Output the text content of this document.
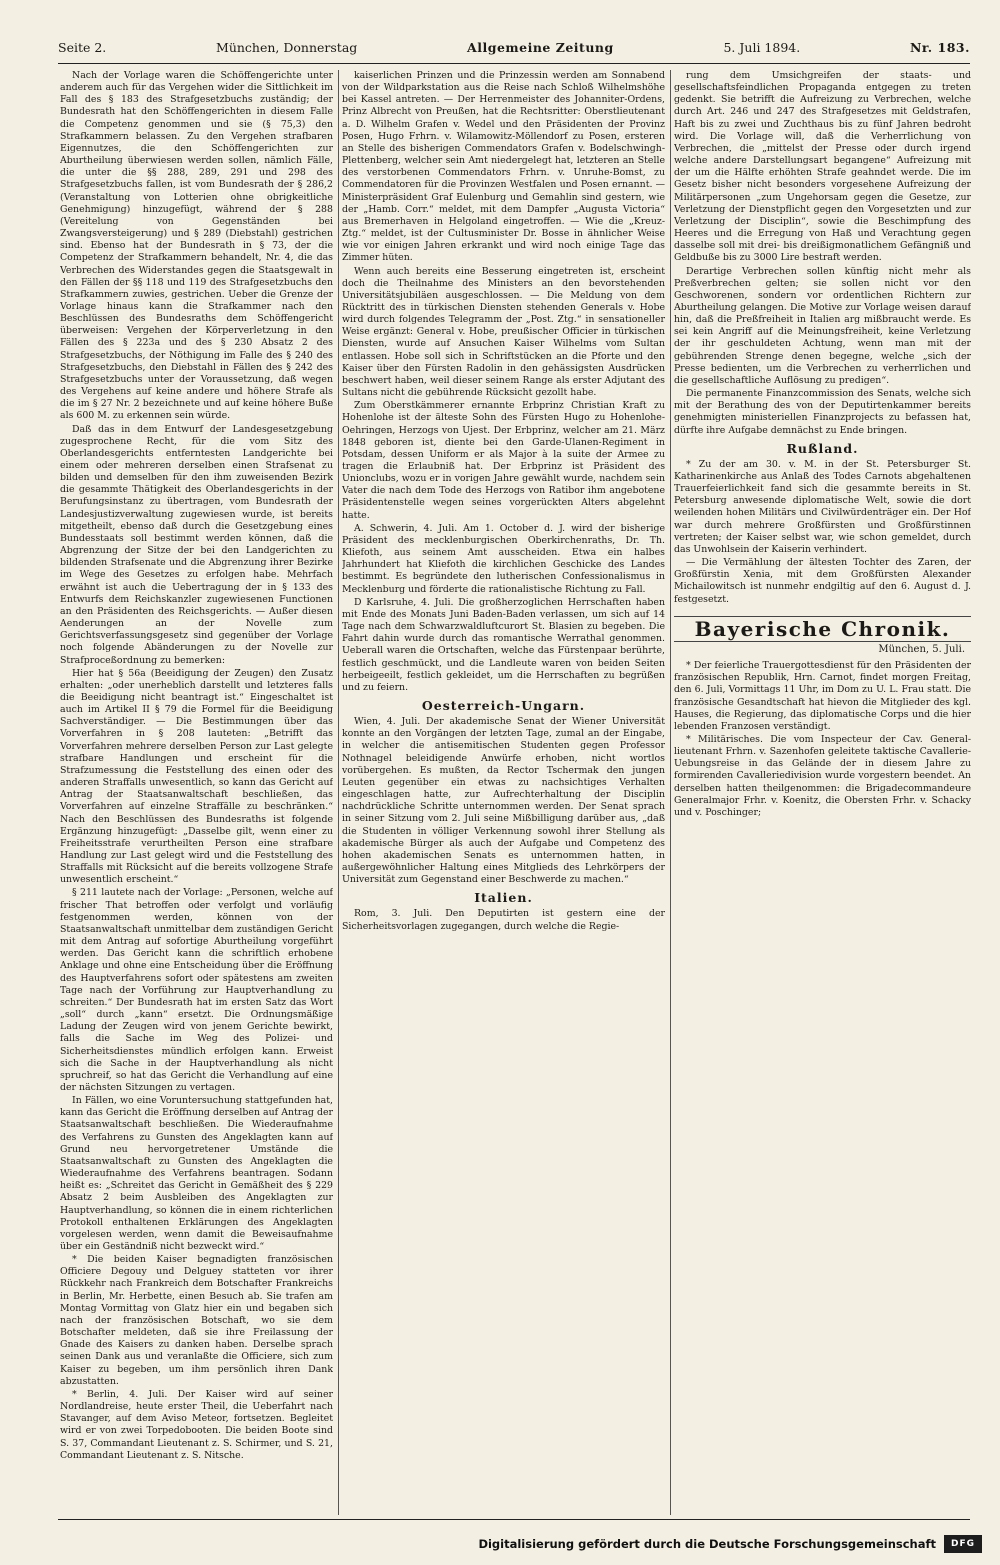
Seite 2.	München, Donnerstag	Allgemeine Zeitung	5. Juli 1894.	Nr. 183.

Nach der Vorlage waren die Schöffengerichte unter anderem auch für das Vergehen wider die Sittlichkeit im Fall des § 183 des Strafgesetzbuchs zuständig; der Bundesrath hat den Schöffengerichten in diesem Falle die Competenz genommen und sie (§ 75,3) den Strafkammern belassen. Zu den Vergehen strafbaren Eigennutzes, die den Schöffengerichten zur Aburtheilung überwiesen werden sollen, nämlich Fälle, die unter die §§ 288, 289, 291 und 298 des Strafgesetzbuchs fallen, ist vom Bundesrath der § 286,2 (Veranstaltung von Lotterien ohne obrigkeitliche Genehmigung) hinzugefügt, während der § 288 (Vereitelung von Gegenständen bei Zwangsversteigerung) und § 289 (Diebstahl) gestrichen sind. Ebenso hat der Bundesrath in § 73, der die Competenz der Strafkammern behandelt, Nr. 4, die das Verbrechen des Widerstandes gegen die Staatsgewalt in den Fällen der §§ 118 und 119 des Strafgesetzbuchs den Strafkammern zuwies, gestrichen. Ueber die Grenze der Vorlage hinaus kann die Strafkammer nach den Beschlüssen des Bundesraths dem Schöffengericht überweisen: Vergehen der Körperverletzung in den Fällen des § 223a und des § 230 Absatz 2 des Strafgesetzbuchs, der Nöthigung im Falle des § 240 des Strafgesetzbuchs, den Diebstahl in Fällen des § 242 des Strafgesetzbuchs unter der Voraussetzung, daß wegen des Vergehens auf keine andere und höhere Strafe als die im § 27 Nr. 2 bezeichnete und auf keine höhere Buße als 600 M. zu erkennen sein würde.

Daß das in dem Entwurf der Landesgesetzgebung zugesprochene Recht, für die vom Sitz des Oberlandesgerichts entferntesten Landgerichte bei einem oder mehreren derselben einen Strafsenat zu bilden und demselben für den ihm zuweisenden Bezirk die gesammte Thätigkeit des Oberlandesgerichts in der Berufungsinstanz zu übertragen, vom Bundesrath der Landesjustizverwaltung zugewiesen wurde, ist bereits mitgetheilt, ebenso daß durch die Gesetzgebung eines Bundesstaats soll bestimmt werden können, daß die Abgrenzung der Sitze der bei den Landgerichten zu bildenden Strafsenate und die Abgrenzung ihrer Bezirke im Wege des Gesetzes zu erfolgen habe. Mehrfach erwähnt ist auch die Uebertragung der in § 133 des Entwurfs dem Reichskanzler zugewiesenen Functionen an den Präsidenten des Reichsgerichts. — Außer diesen Aenderungen an der Novelle zum Gerichtsverfassungsgesetz sind gegenüber der Vorlage noch folgende Abänderungen zu der Novelle zur Strafproceßordnung zu bemerken:

Hier hat § 56a (Beeidigung der Zeugen) den Zusatz erhalten: „oder unerheblich darstellt und letzteres falls die Beeidigung nicht beantragt ist.“ Eingeschaltet ist auch im Artikel II § 79 die Formel für die Beeidigung Sachverständiger. — Die Bestimmungen über das Vorverfahren in § 208 lauteten: „Betrifft das Vorverfahren mehrere derselben Person zur Last gelegte strafbare Handlungen und erscheint für die Strafzumessung die Feststellung des einen oder des anderen Straffalls unwesentlich, so kann das Gericht auf Antrag der Staatsanwaltschaft beschließen, das Vorverfahren auf einzelne Straffälle zu beschränken.“ Nach den Beschlüssen des Bundesraths ist folgende Ergänzung hinzugefügt: „Dasselbe gilt, wenn einer zu Freiheitsstrafe verurtheilten Person eine strafbare Handlung zur Last gelegt wird und die Feststellung des Straffalls mit Rücksicht auf die bereits vollzogene Strafe unwesentlich erscheint.“

§ 211 lautete nach der Vorlage: „Personen, welche auf frischer That betroffen oder verfolgt und vorläufig festgenommen werden, können von der Staatsanwaltschaft unmittelbar dem zuständigen Gericht mit dem Antrag auf sofortige Aburtheilung vorgeführt werden. Das Gericht kann die schriftlich erhobene Anklage und ohne eine Entscheidung über die Eröffnung des Hauptverfahrens sofort oder spätestens am zweiten Tage nach der Vorführung zur Hauptverhandlung zu schreiten.“ Der Bundesrath hat im ersten Satz das Wort „soll“ durch „kann“ ersetzt. Die Ordnungsmäßige Ladung der Zeugen wird von jenem Gerichte bewirkt, falls die Sache im Weg des Polizei- und Sicherheitsdienstes mündlich erfolgen kann. Erweist sich die Sache in der Hauptverhandlung als nicht spruchreif, so hat das Gericht die Verhandlung auf eine der nächsten Sitzungen zu vertagen.

In Fällen, wo eine Voruntersuchung stattgefunden hat, kann das Gericht die Eröffnung derselben auf Antrag der Staatsanwaltschaft beschließen. Die Wiederaufnahme des Verfahrens zu Gunsten des Angeklagten kann auf Grund neu hervorgetretener Umstände die Staatsanwaltschaft zu Gunsten des Angeklagten die Wiederaufnahme des Verfahrens beantragen. Sodann heißt es: „Schreitet das Gericht in Gemäßheit des § 229 Absatz 2 beim Ausbleiben des Angeklagten zur Hauptverhandlung, so können die in einem richterlichen Protokoll enthaltenen Erklärungen des Angeklagten vorgelesen werden, wenn damit die Beweisaufnahme über ein Geständniß nicht bezweckt wird.“

* Die beiden Kaiser begnadigten französischen Officiere Degouy und Delguey statteten vor ihrer Rückkehr nach Frankreich dem Botschafter Frankreichs in Berlin, Mr. Herbette, einen Besuch ab. Sie trafen am Montag Vormittag von Glatz hier ein und begaben sich nach der französischen Botschaft, wo sie dem Botschafter meldeten, daß sie ihre Freilassung der Gnade des Kaisers zu danken haben. Derselbe sprach seinen Dank aus und veranlaßte die Officiere, sich zum Kaiser zu begeben, um ihm persönlich ihren Dank abzustatten.

* Berlin, 4. Juli. Der Kaiser wird auf seiner Nordlandreise, heute erster Theil, die Ueberfahrt nach Stavanger, auf dem Aviso Meteor, fortsetzen. Begleitet wird er von zwei Torpedobooten. Die beiden Boote sind S. 37, Commandant Lieutenant z. S. Schirmer, und S. 21, Commandant Lieutenant z. S. Nitsche.

kaiserlichen Prinzen und die Prinzessin werden am Sonnabend von der Wildparkstation aus die Reise nach Schloß Wilhelmshöhe bei Kassel antreten. — Der Herrenmeister des Johanniter-Ordens, Prinz Albrecht von Preußen, hat die Rechtsritter: Oberstlieutenant a. D. Wilhelm Grafen v. Wedel und den Präsidenten der Provinz Posen, Hugo Frhrn. v. Wilamowitz-Möllendorf zu Posen, ersteren an Stelle des bisherigen Commendators Grafen v. Bodelschwingh-Plettenberg, welcher sein Amt niedergelegt hat, letzteren an Stelle des verstorbenen Commendators Frhrn. v. Unruhe-Bomst, zu Commendatoren für die Provinzen Westfalen und Posen ernannt. — Ministerpräsident Graf Eulenburg und Gemahlin sind gestern, wie der „Hamb. Corr.“ meldet, mit dem Dampfer „Augusta Victoria“ aus Bremerhaven in Helgoland eingetroffen. — Wie die „Kreuz-Ztg.“ meldet, ist der Cultusminister Dr. Bosse in ähnlicher Weise wie vor einigen Jahren erkrankt und wird noch einige Tage das Zimmer hüten.

Wenn auch bereits eine Besserung eingetreten ist, erscheint doch die Theilnahme des Ministers an den bevorstehenden Universitätsjubiläen ausgeschlossen. — Die Meldung von dem Rücktritt des in türkischen Diensten stehenden Generals v. Hobe wird durch folgendes Telegramm der „Post. Ztg.“ in sensationeller Weise ergänzt: General v. Hobe, preußischer Officier in türkischen Diensten, wurde auf Ansuchen Kaiser Wilhelms vom Sultan entlassen. Hobe soll sich in Schriftstücken an die Pforte und den Kaiser über den Fürsten Radolin in den gehässigsten Ausdrücken beschwert haben, weil dieser seinem Range als erster Adjutant des Sultans nicht die gebührende Rücksicht gezollt habe.

Zum Oberstkämmerer ernannte Erbprinz Christian Kraft zu Hohenlohe ist der älteste Sohn des Fürsten Hugo zu Hohenlohe-Oehringen, Herzogs von Ujest. Der Erbprinz, welcher am 21. März 1848 geboren ist, diente bei den Garde-Ulanen-Regiment in Potsdam, dessen Uniform er als Major à la suite der Armee zu tragen die Erlaubniß hat. Der Erbprinz ist Präsident des Unionclubs, wozu er in vorigen Jahre gewählt wurde, nachdem sein Vater die nach dem Tode des Herzogs von Ratibor ihm angebotene Präsidentenstelle wegen seines vorgerückten Alters abgelehnt hatte.

A. Schwerin, 4. Juli. Am 1. October d. J. wird der bisherige Präsident des mecklenburgischen Oberkirchenraths, Dr. Th. Kliefoth, aus seinem Amt ausscheiden. Etwa ein halbes Jahrhundert hat Kliefoth die kirchlichen Geschicke des Landes bestimmt. Es begründete den lutherischen Confessionalismus in Mecklenburg und förderte die rationalistische Richtung zu Fall.

D Karlsruhe, 4. Juli. Die großherzoglichen Herrschaften haben mit Ende des Monats Juni Baden-Baden verlassen, um sich auf 14 Tage nach dem Schwarzwaldluftcurort St. Blasien zu begeben. Die Fahrt dahin wurde durch das romantische Werrathal genommen. Ueberall waren die Ortschaften, welche das Fürstenpaar berührte, festlich geschmückt, und die Landleute waren von beiden Seiten herbeigeeilt, festlich gekleidet, um die Herrschaften zu begrüßen und zu feiern.

Oesterreich-Ungarn.

Wien, 4. Juli. Der akademische Senat der Wiener Universität konnte an den Vorgängen der letzten Tage, zumal an der Eingabe, in welcher die antisemitischen Studenten gegen Professor Nothnagel beleidigende Anwürfe erhoben, nicht wortlos vorübergehen. Es mußten, da Rector Tschermak den jungen Leuten gegenüber ein etwas zu nachsichtiges Verhalten eingeschlagen hatte, zur Aufrechterhaltung der Disciplin nachdrückliche Schritte unternommen werden. Der Senat sprach in seiner Sitzung vom 2. Juli seine Mißbilligung darüber aus, „daß die Studenten in völliger Verkennung sowohl ihrer Stellung als akademische Bürger als auch der Aufgabe und Competenz des hohen akademischen Senats es unternommen hatten, in außergewöhnlicher Haltung eines Mitglieds des Lehrkörpers der Universität zum Gegenstand einer Beschwerde zu machen.“

Italien.

Rom, 3. Juli. Den Deputirten ist gestern eine der Sicherheitsvorlagen zugegangen, durch welche die Regie-

rung dem Umsichgreifen der staats- und gesellschaftsfeindlichen Propaganda entgegen zu treten gedenkt. Sie betrifft die Aufreizung zu Verbrechen, welche durch Art. 246 und 247 des Strafgesetzes mit Geldstrafen, Haft bis zu zwei und Zuchthaus bis zu fünf Jahren bedroht wird. Die Vorlage will, daß die Verherrlichung von Verbrechen, die „mittelst der Presse oder durch irgend welche andere Darstellungsart begangene“ Aufreizung mit der um die Hälfte erhöhten Strafe geahndet werde. Die im Gesetz bisher nicht besonders vorgesehene Aufreizung der Militärpersonen „zum Ungehorsam gegen die Gesetze, zur Verletzung der Dienstpflicht gegen den Vorgesetzten und zur Verletzung der Disciplin“, sowie die Beschimpfung des Heeres und die Erregung von Haß und Verachtung gegen dasselbe soll mit drei- bis dreißigmonatlichem Gefängniß und Geldbuße bis zu 3000 Lire bestraft werden.

Derartige Verbrechen sollen künftig nicht mehr als Preßverbrechen gelten; sie sollen nicht vor den Geschworenen, sondern vor ordentlichen Richtern zur Aburtheilung gelangen. Die Motive zur Vorlage weisen darauf hin, daß die Preßfreiheit in Italien arg mißbraucht werde. Es sei kein Angriff auf die Meinungsfreiheit, keine Verletzung der ihr geschuldeten Achtung, wenn man mit der gebührenden Strenge denen begegne, welche „sich der Presse bedienten, um die Verbrechen zu verherrlichen und die gesellschaftliche Auflösung zu predigen“.

Die permanente Finanzcommission des Senats, welche sich mit der Berathung des von der Deputirtenkammer bereits genehmigten ministeriellen Finanzprojects zu befassen hat, dürfte ihre Aufgabe demnächst zu Ende bringen.

Rußland.

* Zu der am 30. v. M. in der St. Petersburger St. Katharinenkirche aus Anlaß des Todes Carnots abgehaltenen Trauerfeierlichkeit fand sich die gesammte bereits in St. Petersburg anwesende diplomatische Welt, sowie die dort weilenden hohen Militärs und Civilwürdenträger ein. Der Hof war durch mehrere Großfürsten und Großfürstinnen vertreten; der Kaiser selbst war, wie schon gemeldet, durch das Unwohlsein der Kaiserin verhindert.

— Die Vermählung der ältesten Tochter des Zaren, der Großfürstin Xenia, mit dem Großfürsten Alexander Michailowitsch ist nunmehr endgiltig auf den 6. August d. J. festgesetzt.

Bayerische Chronik.
München, 5. Juli.

* Der feierliche Trauergottesdienst für den Präsidenten der französischen Republik, Hrn. Carnot, findet morgen Freitag, den 6. Juli, Vormittags 11 Uhr, im Dom zu U. L. Frau statt. Die französische Gesandtschaft hat hievon die Mitglieder des kgl. Hauses, die Regierung, das diplomatische Corps und die hier lebenden Franzosen verständigt.

* Militärisches. Die vom Inspecteur der Cav. General-lieutenant Frhrn. v. Sazenhofen geleitete taktische Cavallerie-Uebungsreise in das Gelände der in diesem Jahre zu formirenden Cavalleriedivision wurde vorgestern beendet. An derselben hatten theilgenommen: die Brigadecommandeure Generalmajor Frhr. v. Koenitz, die Obersten Frhr. v. Schacky und v. Poschinger;

Digitalisierung gefördert durch die Deutsche Forschungsgemeinschaft	DFG
